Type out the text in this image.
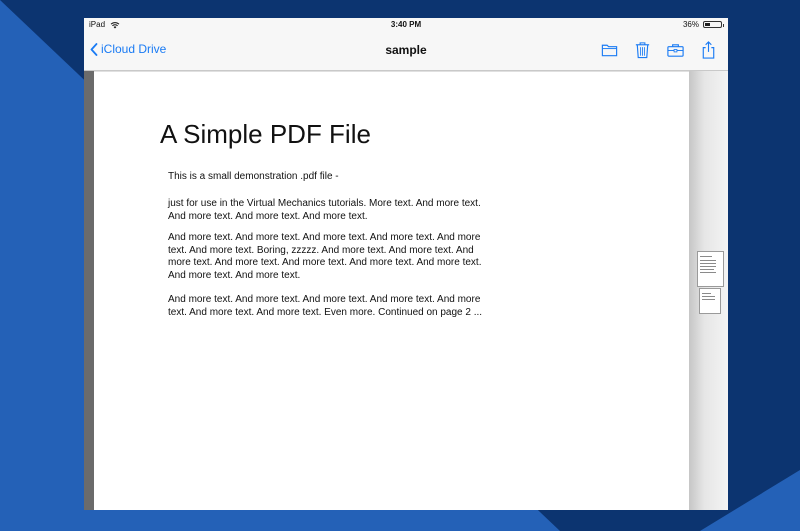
iPad	3:40 PM	36%
iCloud Drive	sample
A Simple PDF File
This is a small demonstration .pdf file -
just for use in the Virtual Mechanics tutorials. More text. And more text. And more text. And more text. And more text.
And more text. And more text. And more text. And more text. And more text. And more text. Boring, zzzzz. And more text. And more text. And more text. And more text. And more text. And more text. And more text. And more text. And more text.
And more text. And more text. And more text. And more text. And more text. And more text. And more text. Even more. Continued on page 2 ...
